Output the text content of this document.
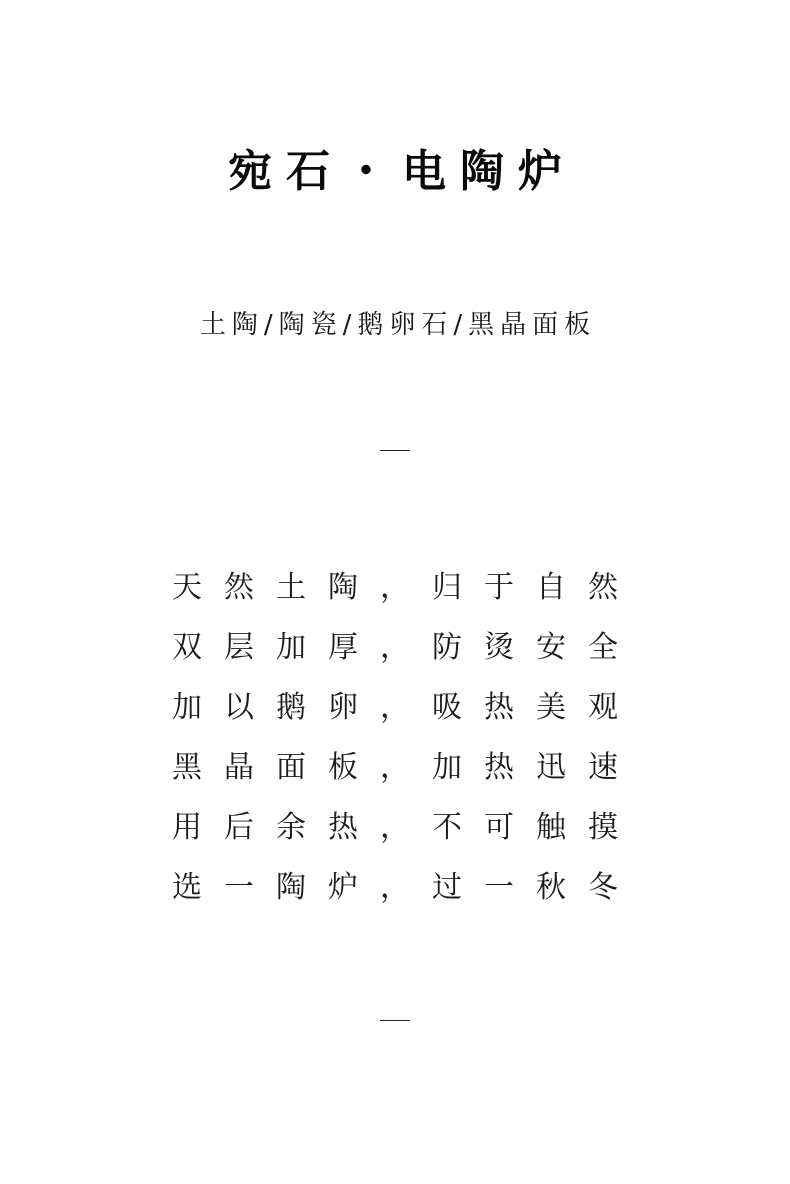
宛石・电陶炉
土陶/陶瓷/鹅卵石/黑晶面板
天然土陶，归于自然
双层加厚，防烫安全
加以鹅卵，吸热美观
黑晶面板，加热迅速
用后余热，不可触摸
选一陶炉，过一秋冬
